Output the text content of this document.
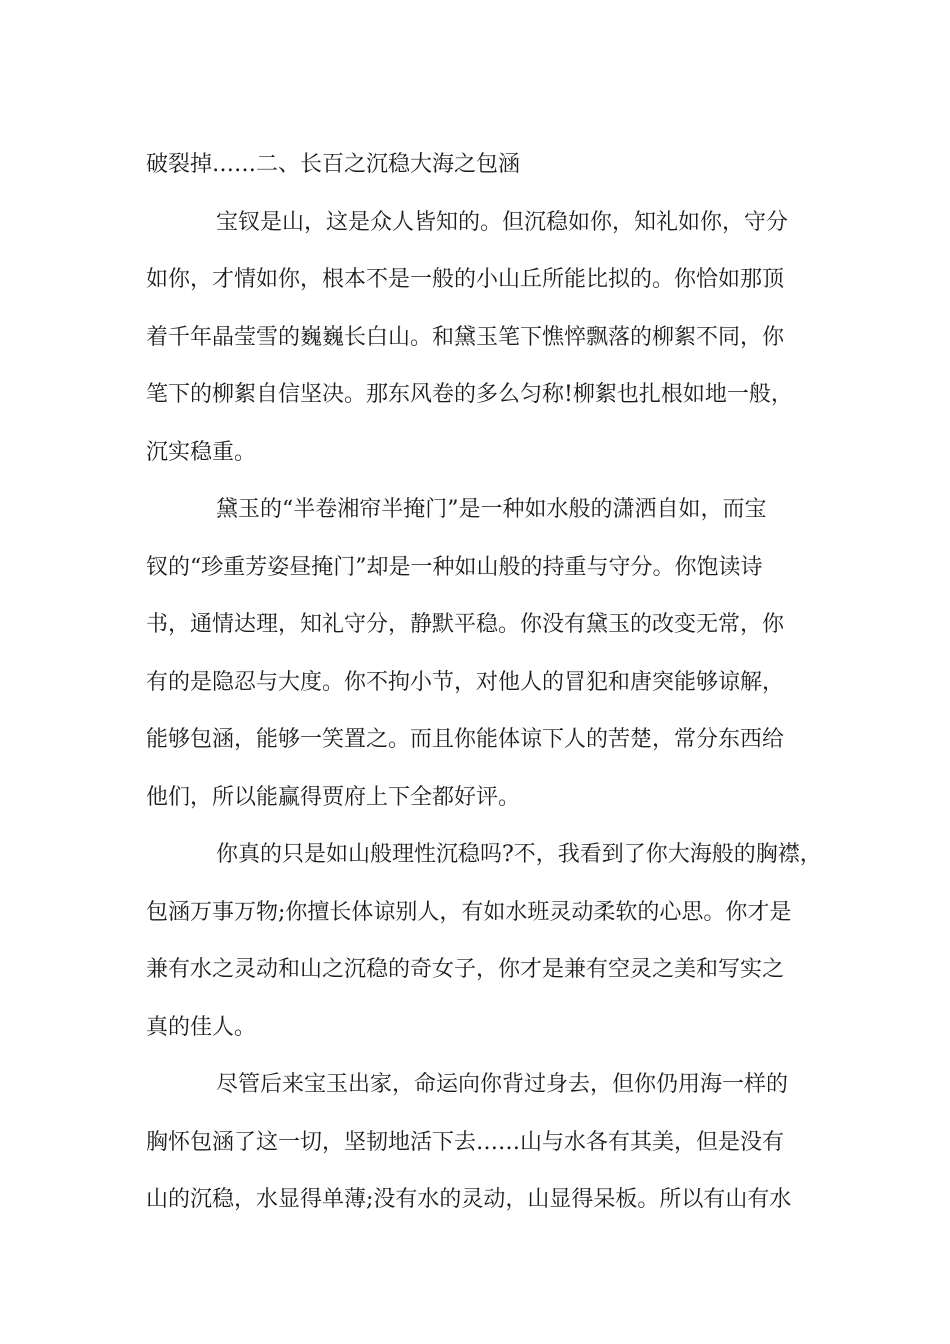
破裂掉……二、长百之沉稳大海之包涵
宝钗是山，这是众人皆知的。但沉稳如你，知礼如你，守分
如你，才情如你，根本不是一般的小山丘所能比拟的。你恰如那顶
着千年晶莹雪的巍巍长白山。和黛玉笔下憔悴飘落的柳絮不同，你
笔下的柳絮自信坚决。那东风卷的多么匀称!柳絮也扎根如地一般，
沉实稳重。
黛玉的“半卷湘帘半掩门”是一种如水般的潇洒自如，而宝
钗的“珍重芳姿昼掩门”却是一种如山般的持重与守分。你饱读诗
书，通情达理，知礼守分，静默平稳。你没有黛玉的改变无常，你
有的是隐忍与大度。你不拘小节，对他人的冒犯和唐突能够谅解，
能够包涵，能够一笑置之。而且你能体谅下人的苦楚，常分东西给
他们，所以能赢得贾府上下全都好评。
你真的只是如山般理性沉稳吗?不，我看到了你大海般的胸襟，
包涵万事万物;你擅长体谅别人，有如水班灵动柔软的心思。你才是
兼有水之灵动和山之沉稳的奇女子，你才是兼有空灵之美和写实之
真的佳人。
尽管后来宝玉出家，命运向你背过身去，但你仍用海一样的
胸怀包涵了这一切，坚韧地活下去……山与水各有其美，但是没有
山的沉稳，水显得单薄;没有水的灵动，山显得呆板。所以有山有水
